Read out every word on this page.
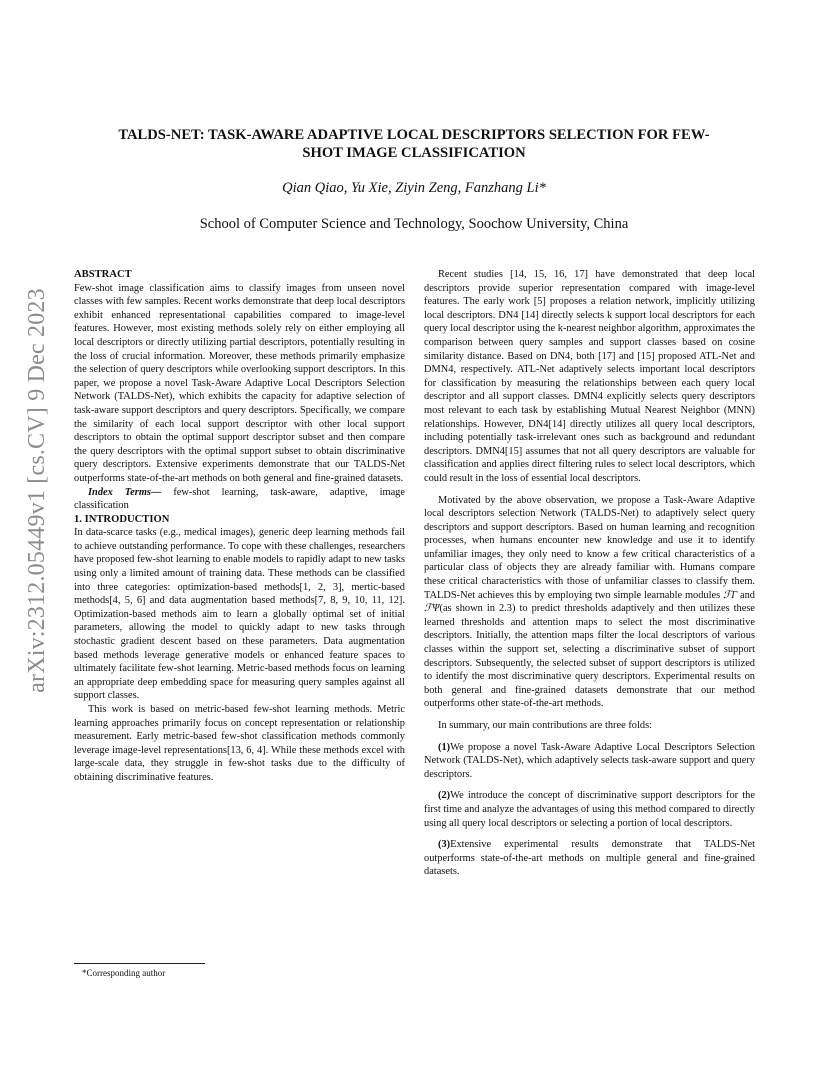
arXiv:2312.05449v1 [cs.CV] 9 Dec 2023
TALDS-NET: TASK-AWARE ADAPTIVE LOCAL DESCRIPTORS SELECTION FOR FEW-SHOT IMAGE CLASSIFICATION
Qian Qiao, Yu Xie, Ziyin Zeng, Fanzhang Li*
School of Computer Science and Technology, Soochow University, China

ABSTRACT

Few-shot image classification aims to classify images from unseen novel classes with few samples. Recent works demonstrate that deep local descriptors exhibit enhanced representational capabilities compared to image-level features. However, most existing methods solely rely on either employing all local descriptors or directly utilizing partial descriptors, potentially resulting in the loss of crucial information. Moreover, these methods primarily emphasize the selection of query descriptors while overlooking support descriptors. In this paper, we propose a novel Task-Aware Adaptive Local Descriptors Selection Network (TALDS-Net), which exhibits the capacity for adaptive selection of task-aware support descriptors and query descriptors. Specifically, we compare the similarity of each local support descriptor with other local support descriptors to obtain the optimal support descriptor subset and then compare the query descriptors with the optimal support subset to obtain discriminative query descriptors. Extensive experiments demonstrate that our TALDS-Net outperforms state-of-the-art methods on both general and fine-grained datasets.

Index Terms— few-shot learning, task-aware, adaptive, image classification

1. INTRODUCTION

In data-scarce tasks (e.g., medical images), generic deep learning methods fail to achieve outstanding performance. To cope with these challenges, researchers have proposed few-shot learning to enable models to rapidly adapt to new tasks using only a limited amount of training data. These methods can be classified into three categories: optimization-based methods[1, 2, 3], mertic-based methods[4, 5, 6] and data augmentation based methods[7, 8, 9, 10, 11, 12]. Optimization-based methods aim to learn a globally optimal set of initial parameters, allowing the model to quickly adapt to new tasks through stochastic gradient descent based on these parameters. Data augmentation based methods leverage generative models or enhanced feature spaces to ultimately facilitate few-shot learning. Metric-based methods focus on learning an appropriate deep embedding space for measuring query samples against all support classes.

This work is based on metric-based few-shot learning methods. Metric learning approaches primarily focus on concept representation or relationship measurement. Early metric-based few-shot classification methods commonly leverage image-level representations[13, 6, 4]. While these methods excel with large-scale data, they struggle in few-shot tasks due to the difficulty of obtaining discriminative features.

Recent studies [14, 15, 16, 17] have demonstrated that deep local descriptors provide superior representation compared with image-level features. The early work [5] proposes a relation network, implicitly utilizing local descriptors. DN4 [14] directly selects k support local descriptors for each query local descriptor using the k-nearest neighbor algorithm, approximates the comparison between query samples and support classes based on cosine similarity distance. Based on DN4, both [17] and [15] proposed ATL-Net and DMN4, respectively. ATL-Net adaptively selects important local descriptors for classification by measuring the relationships between each query local descriptor and all support classes. DMN4 explicitly selects query descriptors most relevant to each task by establishing Mutual Nearest Neighbor (MNN) relationships. However, DN4[14] directly utilizes all query local descriptors, including potentially task-irrelevant ones such as background and redundant descriptors. DMN4[15] assumes that not all query descriptors are valuable for classification and applies direct filtering rules to select local descriptors, which could result in the loss of essential local descriptors.

Motivated by the above observation, we propose a Task-Aware Adaptive local descriptors selection Network (TALDS-Net) to adaptively select query descriptors and support descriptors. Based on human learning and recognition processes, when humans encounter new knowledge and use it to identify unfamiliar images, they only need to know a few critical characteristics of a particular class of objects they are already familiar with. Humans compare these critical characteristics with those of unfamiliar classes to classify them. TALDS-Net achieves this by employing two simple learnable modules ℱΓ and ℱΨ(as shown in 2.3) to predict thresholds adaptively and then utilizes these learned thresholds and attention maps to select the most discriminative descriptors. Initially, the attention maps filter the local descriptors of various classes within the support set, selecting a discriminative subset of support descriptors. Subsequently, the selected subset of support descriptors is utilized to identify the most discriminative query descriptors. Experimental results on both general and fine-grained datasets demonstrate that our method outperforms other state-of-the-art methods.

In summary, our main contributions are three folds:

(1)We propose a novel Task-Aware Adaptive Local Descriptors Selection Network (TALDS-Net), which adaptively selects task-aware support and query descriptors.

(2)We introduce the concept of discriminative support descriptors for the first time and analyze the advantages of using this method compared to directly using all query local descriptors or selecting a portion of local descriptors.

(3)Extensive experimental results demonstrate that TALDS-Net outperforms state-of-the-art methods on multiple general and fine-grained datasets.

*Corresponding author
